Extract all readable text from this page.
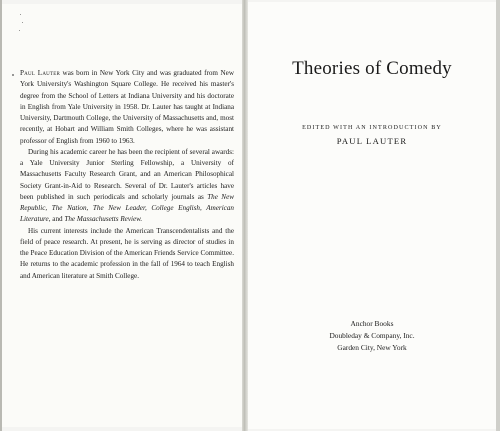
Paul Lauter was born in New York City and was graduated from New York University's Washington Square College. He received his master's degree from the School of Letters at Indiana University and his doctorate in English from Yale University in 1958. Dr. Lauter has taught at Indiana University, Dartmouth College, the University of Massachusetts and, most recently, at Hobart and William Smith Colleges, where he was assistant professor of English from 1960 to 1963.

During his academic career he has been the recipient of several awards: a Yale University Junior Sterling Fellowship, a University of Massachusetts Faculty Research Grant, and an American Philosophical Society Grant-in-Aid to Research. Several of Dr. Lauter's articles have been published in such periodicals and scholarly journals as The New Republic, The Nation, The New Leader, College English, American Literature, and The Massachusetts Review.

His current interests include the American Transcendentalists and the field of peace research. At present, he is serving as director of studies in the Peace Education Division of the American Friends Service Committee. He returns to the academic profession in the fall of 1964 to teach English and American literature at Smith College.

Theories of Comedy
EDITED WITH AN INTRODUCTION BY
PAUL LAUTER
Anchor Books
Doubleday & Company, Inc.
Garden City, New York
